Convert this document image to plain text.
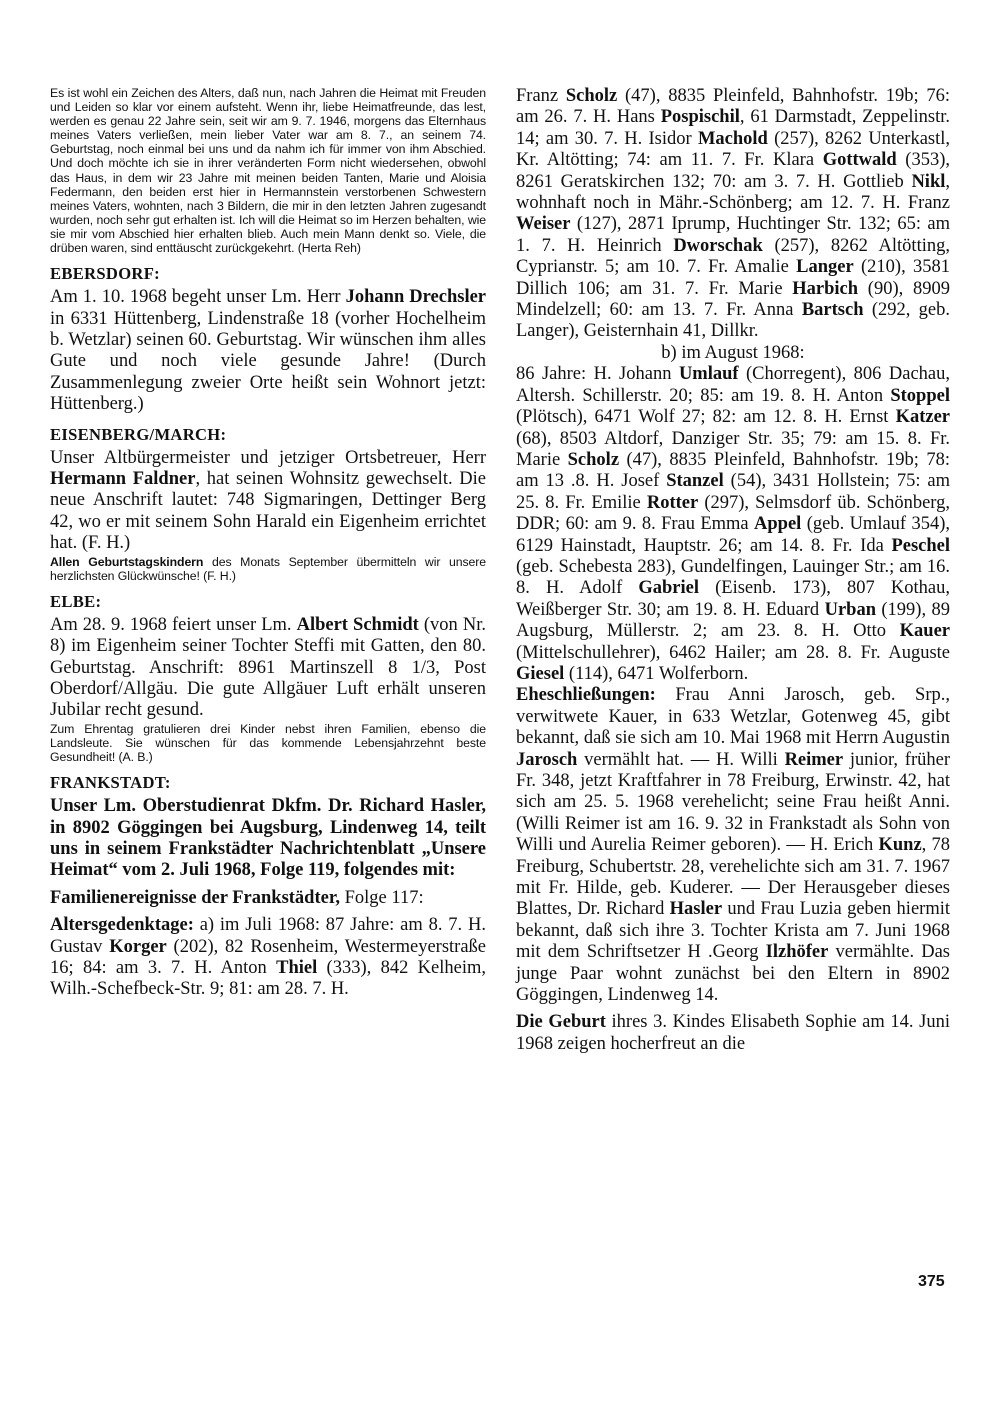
Es ist wohl ein Zeichen des Alters, daß nun, nach Jahren die Heimat mit Freuden und Leiden so klar vor einem aufsteht. Wenn ihr, liebe Heimatfreunde, das lest, werden es genau 22 Jahre sein, seit wir am 9. 7. 1946, morgens das Elternhaus meines Vaters verließen, mein lieber Vater war am 8. 7., an seinem 74. Geburtstag, noch einmal bei uns und da nahm ich für immer von ihm Abschied. Und doch möchte ich sie in ihrer veränderten Form nicht wiedersehen, obwohl das Haus, in dem wir 23 Jahre mit meinen beiden Tanten, Marie und Aloisia Federmann, den beiden erst hier in Hermannstein verstorbenen Schwestern meines Vaters, wohnten, nach 3 Bildern, die mir in den letzten Jahren zugesandt wurden, noch sehr gut erhalten ist. Ich will die Heimat so im Herzen behalten, wie sie mir vom Abschied hier erhalten blieb. Auch mein Mann denkt so. Viele, die drüben waren, sind enttäuscht zurückgekehrt. (Herta Reh)

EBERSDORF:

Am 1. 10. 1968 begeht unser Lm. Herr Johann Drechsler in 6331 Hüttenberg, Lindenstraße 18 (vorher Hochelheim b. Wetzlar) seinen 60. Geburtstag. Wir wünschen ihm alles Gute und noch viele gesunde Jahre! (Durch Zusammenlegung zweier Orte heißt sein Wohnort jetzt: Hüttenberg.)

EISENBERG/MARCH:

Unser Altbürgermeister und jetziger Ortsbetreuer, Herr Hermann Faldner, hat seinen Wohnsitz gewechselt. Die neue Anschrift lautet: 748 Sigmaringen, Dettinger Berg 42, wo er mit seinem Sohn Harald ein Eigenheim errichtet hat. (F. H.)

Allen Geburtstagskindern des Monats September übermitteln wir unsere herzlichsten Glückwünsche! (F. H.)

ELBE:

Am 28. 9. 1968 feiert unser Lm. Albert Schmidt (von Nr. 8) im Eigenheim seiner Tochter Steffi mit Gatten, den 80. Geburtstag. Anschrift: 8961 Martinszell 8 1/3, Post Oberdorf/Allgäu. Die gute Allgäuer Luft erhält unseren Jubilar recht gesund.

Zum Ehrentag gratulieren drei Kinder nebst ihren Familien, ebenso die Landsleute. Sie wünschen für das kommende Lebensjahrzehnt beste Gesundheit! (A. B.)

FRANKSTADT:

Unser Lm. Oberstudienrat Dkfm. Dr. Richard Hasler, in 8902 Göggingen bei Augsburg, Lindenweg 14, teilt uns in seinem Frankstädter Nachrichtenblatt „Unsere Heimat“ vom 2. Juli 1968, Folge 119, folgendes mit:

Familienereignisse der Frankstädter, Folge 117:

Altersgedenktage: a) im Juli 1968: 87 Jahre: am 8. 7. H. Gustav Korger (202), 82 Rosenheim, Westermeyerstraße 16; 84: am 3. 7. H. Anton Thiel (333), 842 Kelheim, Wilh.-Schefbeck-Str. 9; 81: am 28. 7. H.

Franz Scholz (47), 8835 Pleinfeld, Bahnhofstr. 19b; 76: am 26. 7. H. Hans Pospischil, 61 Darmstadt, Zeppelinstr. 14; am 30. 7. H. Isidor Machold (257), 8262 Unterkastl, Kr. Altötting; 74: am 11. 7. Fr. Klara Gottwald (353), 8261 Geratskirchen 132; 70: am 3. 7. H. Gottlieb Nikl, wohnhaft noch in Mähr.-Schönberg; am 12. 7. H. Franz Weiser (127), 2871 Iprump, Huchtinger Str. 132; 65: am 1. 7. H. Heinrich Dworschak (257), 8262 Altötting, Cyprianstr. 5; am 10. 7. Fr. Amalie Langer (210), 3581 Dillich 106; am 31. 7. Fr. Marie Harbich (90), 8909 Mindelzell; 60: am 13. 7. Fr. Anna Bartsch (292, geb. Langer), Geisternhain 41, Dillkr.

b) im August 1968:

86 Jahre: H. Johann Umlauf (Chorregent), 806 Dachau, Altersh. Schillerstr. 20; 85: am 19. 8. H. Anton Stoppel (Plötsch), 6471 Wolf 27; 82: am 12. 8. H. Ernst Katzer (68), 8503 Altdorf, Danziger Str. 35; 79: am 15. 8. Fr. Marie Scholz (47), 8835 Pleinfeld, Bahnhofstr. 19b; 78: am 13 .8. H. Josef Stanzel (54), 3431 Hollstein; 75: am 25. 8. Fr. Emilie Rotter (297), Selmsdorf üb. Schönberg, DDR; 60: am 9. 8. Frau Emma Appel (geb. Umlauf 354), 6129 Hainstadt, Hauptstr. 26; am 14. 8. Fr. Ida Peschel (geb. Schebesta 283), Gundelfingen, Lauinger Str.; am 16. 8. H. Adolf Gabriel (Eisenb. 173), 807 Kothau, Weißberger Str. 30; am 19. 8. H. Eduard Urban (199), 89 Augsburg, Müllerstr. 2; am 23. 8. H. Otto Kauer (Mittelschullehrer), 6462 Hailer; am 28. 8. Fr. Auguste Giesel (114), 6471 Wolferborn.

Eheschließungen: Frau Anni Jarosch, geb. Srp., verwitwete Kauer, in 633 Wetzlar, Gotenweg 45, gibt bekannt, daß sie sich am 10. Mai 1968 mit Herrn Augustin Jarosch vermählt hat. — H. Willi Reimer junior, früher Fr. 348, jetzt Kraftfahrer in 78 Freiburg, Erwinstr. 42, hat sich am 25. 5. 1968 verehelicht; seine Frau heißt Anni. (Willi Reimer ist am 16. 9. 32 in Frankstadt als Sohn von Willi und Aurelia Reimer geboren). — H. Erich Kunz, 78 Freiburg, Schubertstr. 28, verehelichte sich am 31. 7. 1967 mit Fr. Hilde, geb. Kuderer. — Der Herausgeber dieses Blattes, Dr. Richard Hasler und Frau Luzia geben hiermit bekannt, daß sich ihre 3. Tochter Krista am 7. Juni 1968 mit dem Schriftsetzer H .Georg Ilzhöfer vermählte. Das junge Paar wohnt zunächst bei den Eltern in 8902 Göggingen, Lindenweg 14.

Die Geburt ihres 3. Kindes Elisabeth Sophie am 14. Juni 1968 zeigen hocherfreut an die

375
